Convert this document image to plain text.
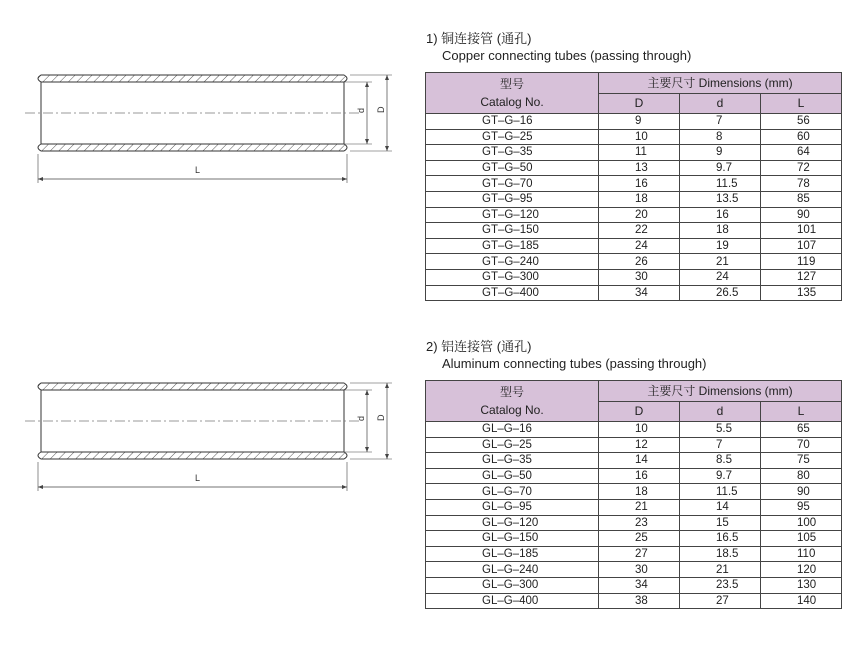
1) 铜连接管 (通孔)
Copper connecting tubes (passing through)
d D
L
型号
Catalog No.	主要尺寸 Dimensions (mm)		
	D	d	L
GT–G–16	9	7	56
GT–G–25	10	8	60
GT–G–35	11	9	64
GT–G–50	13	9.7	72
GT–G–70	16	11.5	78
GT–G–95	18	13.5	85
GT–G–120	20	16	90
GT–G–150	22	18	101
GT–G–185	24	19	107
GT–G–240	26	21	119
GT–G–300	30	24	127
GT–G–400	34	26.5	135
2) 铝连接管 (通孔)
Aluminum connecting tubes (passing through)
d D
L
型号
Catalog No.	主要尺寸 Dimensions (mm)		
	D	d	L
GL–G–16	10	5.5	65
GL–G–25	12	7	70
GL–G–35	14	8.5	75
GL–G–50	16	9.7	80
GL–G–70	18	11.5	90
GL–G–95	21	14	95
GL–G–120	23	15	100
GL–G–150	25	16.5	105
GL–G–185	27	18.5	110
GL–G–240	30	21	120
GL–G–300	34	23.5	130
GL–G–400	38	27	140
